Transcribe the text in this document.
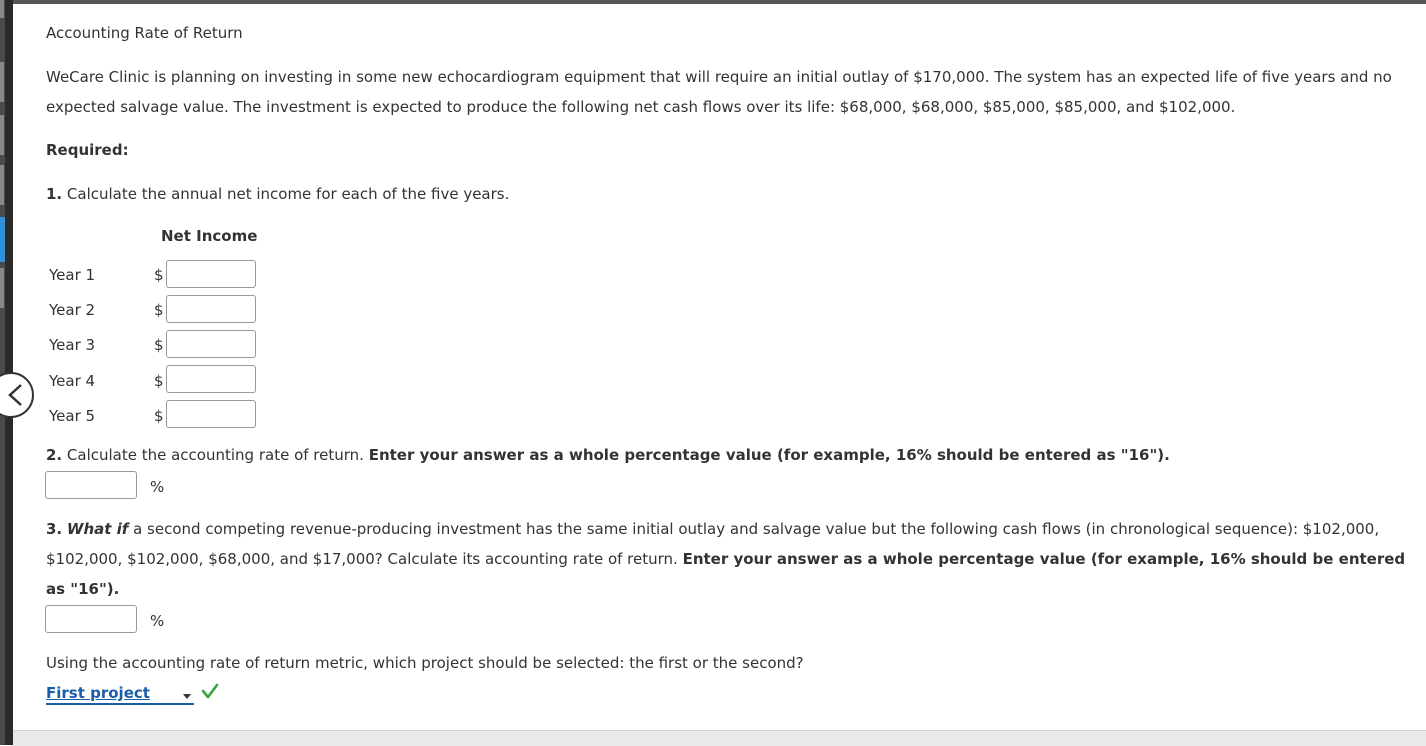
Accounting Rate of Return
WeCare Clinic is planning on investing in some new echocardiogram equipment that will require an initial outlay of $170,000. The system has an expected life of five years and no
expected salvage value. The investment is expected to produce the following net cash flows over its life: $68,000, $68,000, $85,000, $85,000, and $102,000.
Required:
1. Calculate the annual net income for each of the five years.
Net Income
Year 1	$
Year 2	$
Year 3	$
Year 4	$
Year 5	$
2. Calculate the accounting rate of return. Enter your answer as a whole percentage value (for example, 16% should be entered as "16").
%
3. What if a second competing revenue-producing investment has the same initial outlay and salvage value but the following cash flows (in chronological sequence): $102,000,
$102,000, $102,000, $68,000, and $17,000? Calculate its accounting rate of return. Enter your answer as a whole percentage value (for example, 16% should be entered
as "16").
%
Using the accounting rate of return metric, which project should be selected: the first or the second?
First project
